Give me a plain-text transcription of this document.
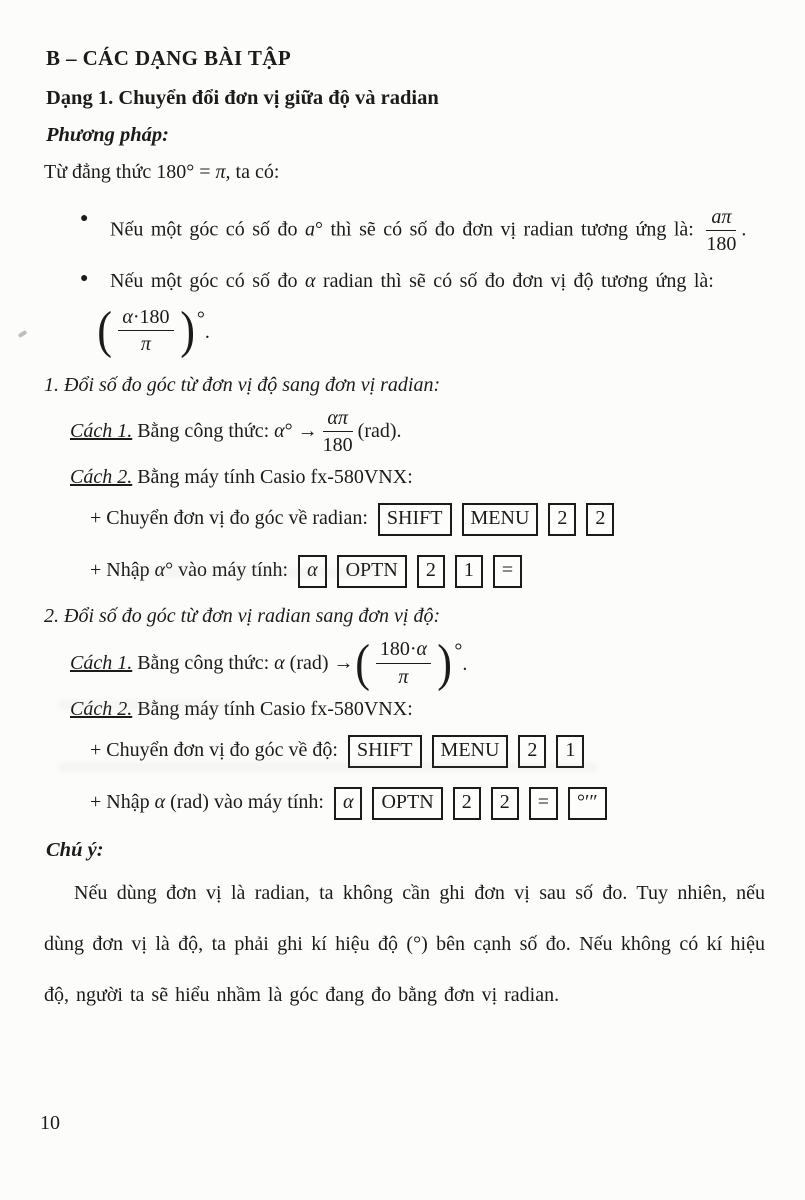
B – CÁC DẠNG BÀI TẬP
Dạng 1. Chuyển đổi đơn vị giữa độ và radian
Phương pháp:

Từ đẳng thức 180° = π, ta có:

●	Nếu một góc có số đo a° thì sẽ có số đo đơn vị radian tương ứng là: $\frac{a\pi}{180}$ .
●	Nếu một góc có số đo α radian thì sẽ có số đo đơn vị độ tương ứng là:
( $\frac{\alpha\cdot 180}{\pi}$ ) °
.
1. Đổi số đo góc từ đơn vị độ sang đơn vị radian:
Cách 1. Bằng công thức: $\alpha^\circ \to \frac{\alpha\pi}{180} (rad)$.
Cách 2. Bằng máy tính Casio fx-580VNX:
+ Chuyển đơn vị đo góc về radian: SHIFT MENU 2 2
+ Nhập α° vào máy tính: α OPTN 2 1 =
2. Đổi số đo góc từ đơn vị radian sang đơn vị độ:
Cách 1. Bằng công thức: α (rad) → ( $\frac{180\cdot\alpha}{\pi}$ ) °
.
Cách 2. Bằng máy tính Casio fx-580VNX:
+ Chuyển đơn vị đo góc về độ: SHIFT MENU 2 1
+ Nhập α (rad) vào máy tính: α OPTN 2 2 = °′″
Chú ý:

Nếu dùng đơn vị là radian, ta không cần ghi đơn vị sau số đo. Tuy nhiên, nếu dùng đơn vị là độ, ta phải ghi kí hiệu độ (°) bên cạnh số đo. Nếu không có kí hiệu độ, người ta sẽ hiểu nhầm là góc đang đo bằng đơn vị radian.

10
